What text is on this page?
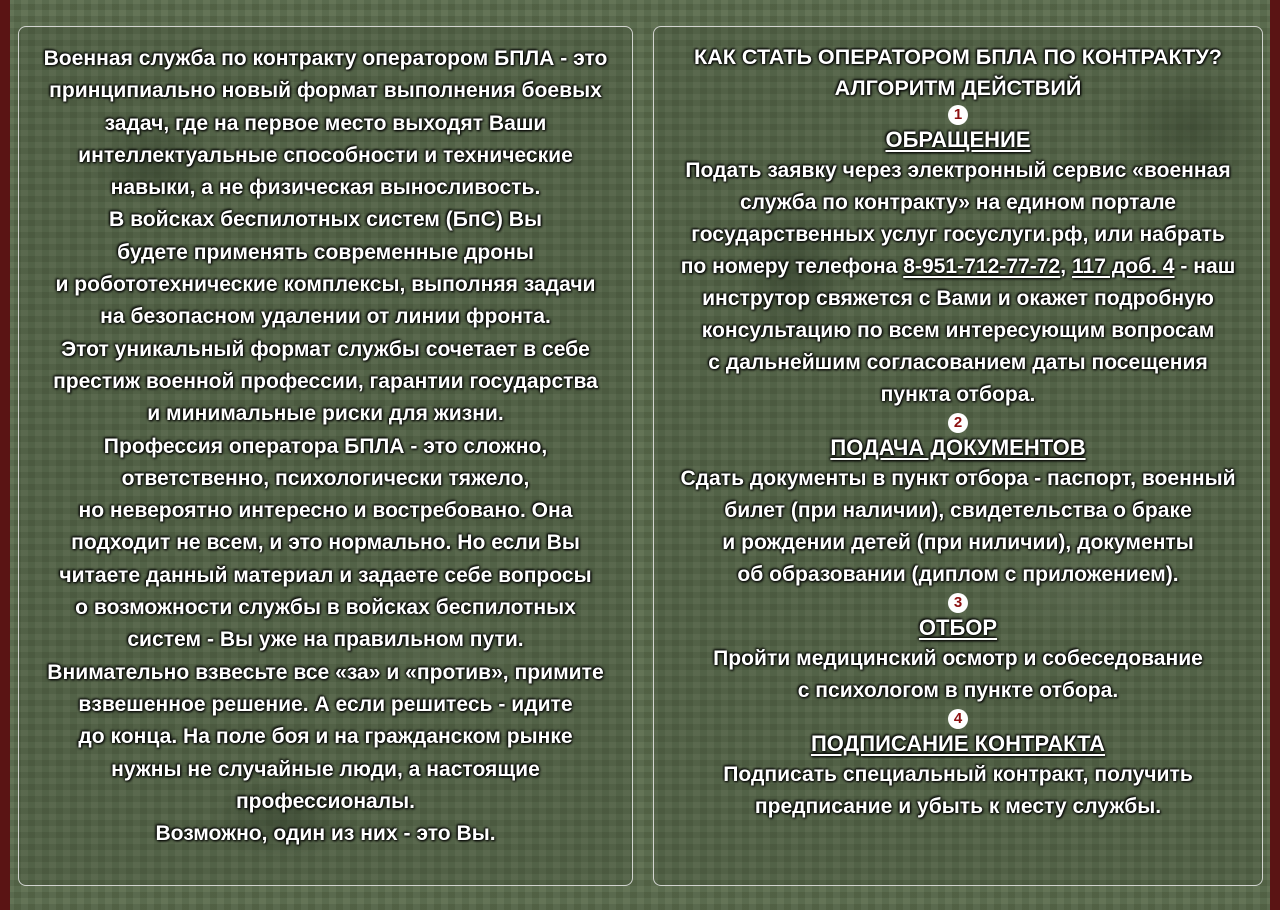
Военная служба по контракту оператором БПЛА - это
принципиально новый формат выполнения боевых
задач, где на первое место выходят Ваши
интеллектуальные способности и технические
навыки, а не физическая выносливость.
В войсках беспилотных систем (БпС) Вы
будете применять современные дроны
и робототехнические комплексы, выполняя задачи
на безопасном удалении от линии фронта.
Этот уникальный формат службы сочетает в себе
престиж военной профессии, гарантии государства
и минимальные риски для жизни.
Профессия оператора БПЛА - это сложно,
ответственно, психологически тяжело,
но невероятно интересно и востребовано. Она
подходит не всем, и это нормально. Но если Вы
читаете данный материал и задаете себе вопросы
о возможности службы в войсках беспилотных
систем - Вы уже на правильном пути.
Внимательно взвесьте все «за» и «против», примите
взвешенное решение. А если решитесь - идите
до конца. На поле боя и на гражданском рынке
нужны не случайные люди, а настоящие
профессионалы.
Возможно, один из них - это Вы.
КАК СТАТЬ ОПЕРАТОРОМ БПЛА ПО КОНТРАКТУ?
АЛГОРИТМ ДЕЙСТВИЙ
1
ОБРАЩЕНИЕ
Подать заявку через электронный сервис «военная
служба по контракту» на едином портале
государственных услуг госуслуги.рф, или набрать
по номеру телефона 8-951-712-77-72, 117 доб. 4 - наш
инструтор свяжется с Вами и окажет подробную
консультацию по всем интересующим вопросам
с дальнейшим согласованием даты посещения
пункта отбора.
2
ПОДАЧА ДОКУМЕНТОВ
Сдать документы в пункт отбора - паспорт, военный
билет (при наличии), свидетельства о браке
и рождении детей (при ниличии), документы
об образовании (диплом с приложением).
3
ОТБОР
Пройти медицинский осмотр и собеседование
с психологом в пункте отбора.
4
ПОДПИСАНИЕ КОНТРАКТА
Подписать специальный контракт, получить
предписание и убыть к месту службы.
